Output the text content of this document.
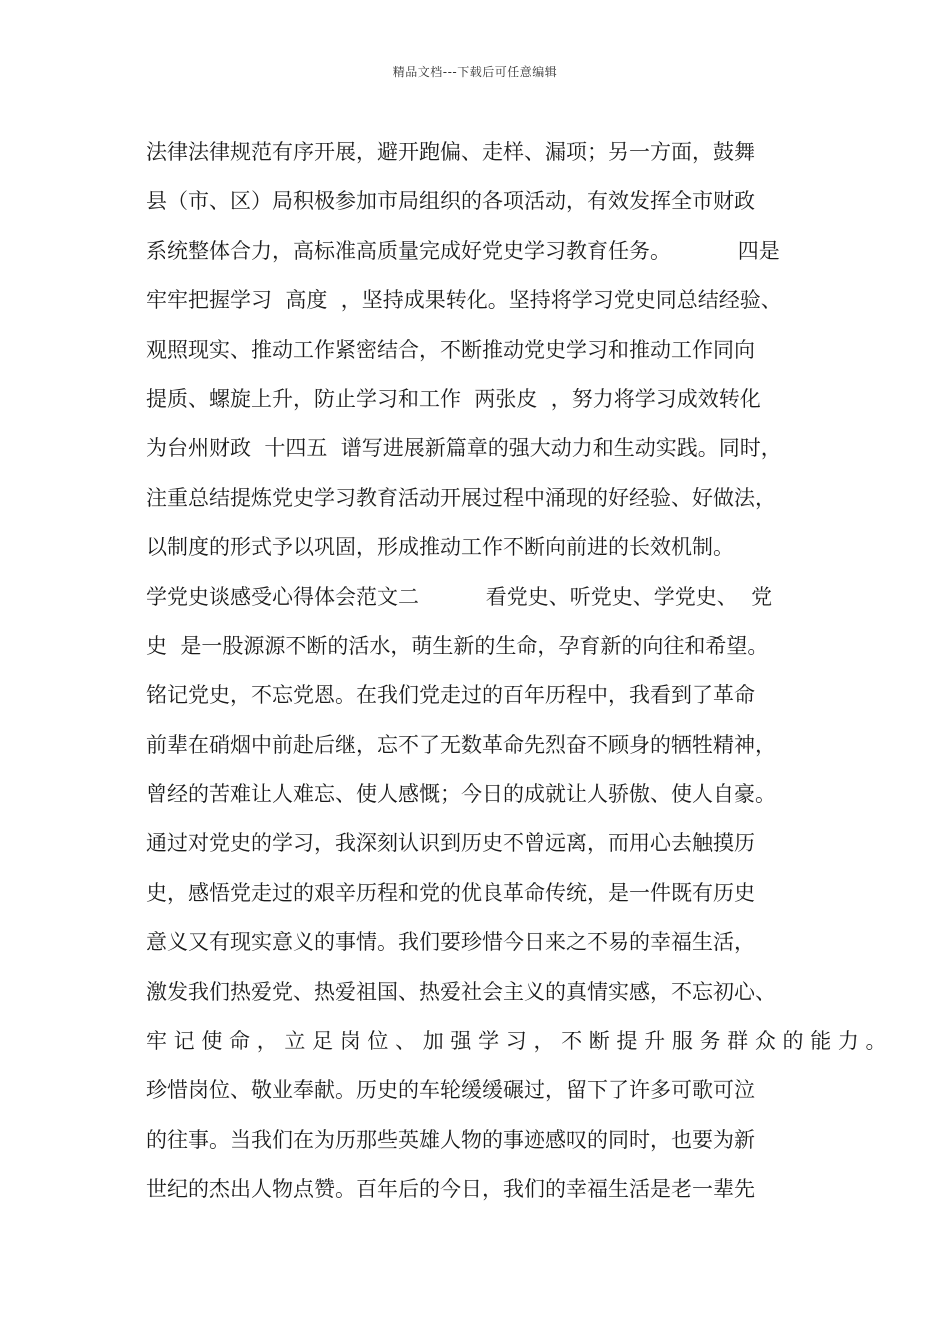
精品文档---下载后可任意编辑
法律法律规范有序开展，避开跑偏、走样、漏项；另一方面，鼓舞
县（市、区）局积极参加市局组织的各项活动，有效发挥全市财政
系统整体合力，高标准高质量完成好党史学习教育任务。          四是
牢牢把握学习  高度  ，坚持成果转化。坚持将学习党史同总结经验、
观照现实、推动工作紧密结合，不断推动党史学习和推动工作同向
提质、螺旋上升，防止学习和工作  两张皮  ，努力将学习成效转化
为台州财政  十四五  谱写进展新篇章的强大动力和生动实践。同时，
注重总结提炼党史学习教育活动开展过程中涌现的好经验、好做法，
以制度的形式予以巩固，形成推动工作不断向前进的长效机制。
学党史谈感受心得体会范文二          看党史、听党史、学党史、  党
史  是一股源源不断的活水，萌生新的生命，孕育新的向往和希望。
铭记党史，不忘党恩。在我们党走过的百年历程中，我看到了革命
前辈在硝烟中前赴后继，忘不了无数革命先烈奋不顾身的牺牲精神，
曾经的苦难让人难忘、使人感慨；今日的成就让人骄傲、使人自豪。
通过对党史的学习，我深刻认识到历史不曾远离，而用心去触摸历
史，感悟党走过的艰辛历程和党的优良革命传统，是一件既有历史
意义又有现实意义的事情。我们要珍惜今日来之不易的幸福生活，
激发我们热爱党、热爱祖国、热爱社会主义的真情实感，不忘初心、
牢 记 使 命 ， 立 足 岗 位 、 加 强 学 习 ， 不 断 提 升 服 务 群 众 的 能 力 。
珍惜岗位、敬业奉献。历史的车轮缓缓碾过，留下了许多可歌可泣
的往事。当我们在为历那些英雄人物的事迹感叹的同时，也要为新
世纪的杰出人物点赞。百年后的今日，我们的幸福生活是老一辈先
